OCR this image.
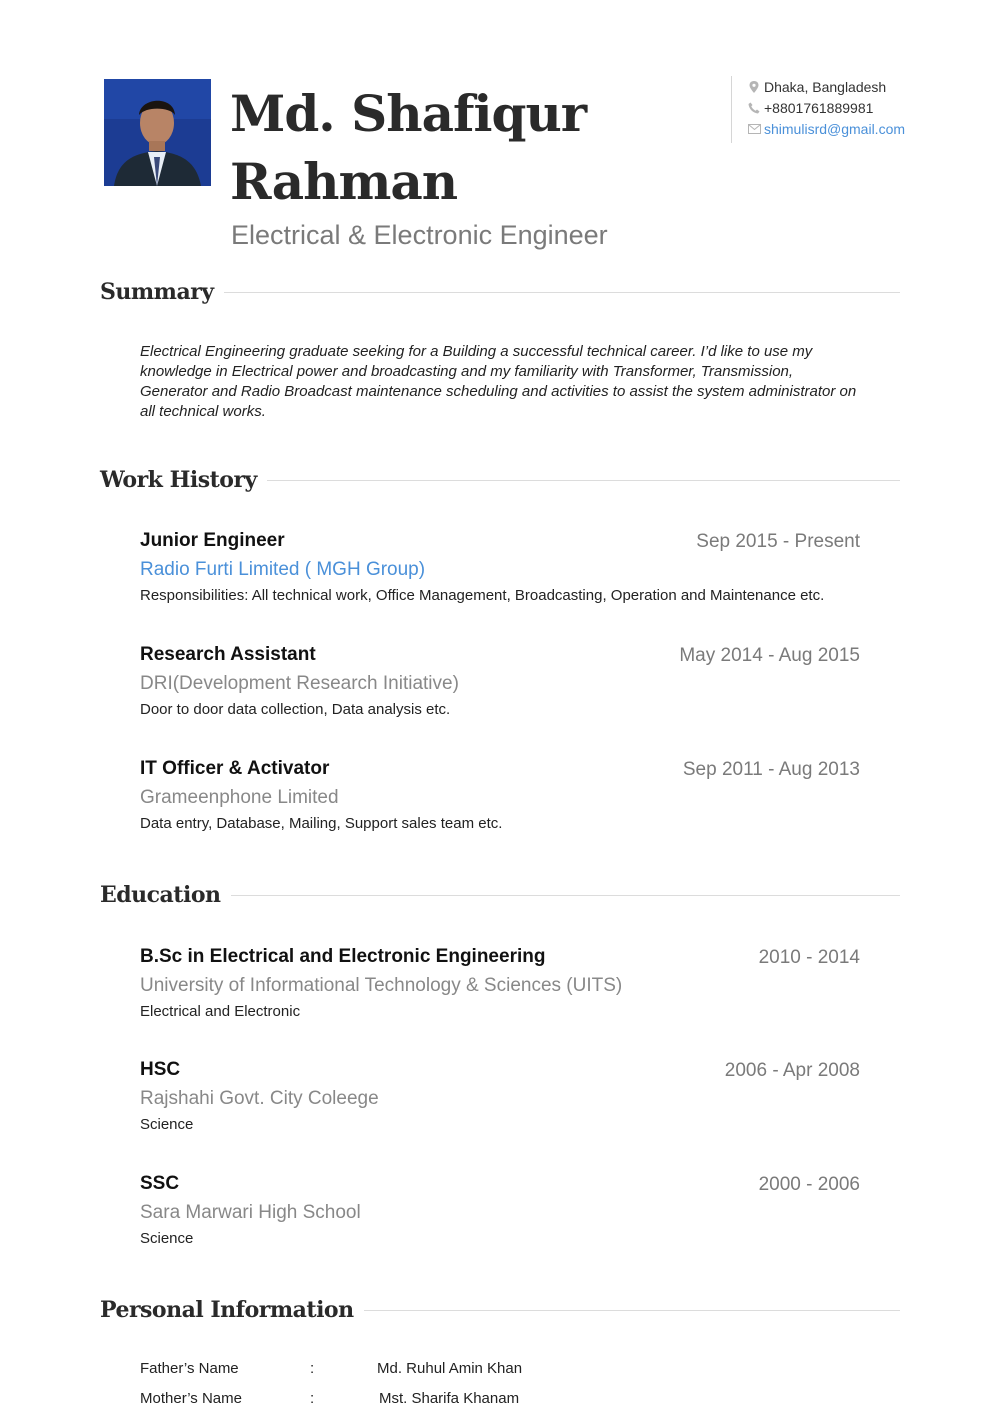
Md. Shafiqur
Rahman
Electrical & Electronic Engineer
Dhaka, Bangladesh
+8801761889981
shimulisrd@gmail.com
Summary
Electrical Engineering graduate seeking for a Building a successful technical career. I’d like to use my knowledge in Electrical power and broadcasting and my familiarity with Transformer, Transmission, Generator and Radio Broadcast maintenance scheduling and activities to assist the system administrator on all technical works.
Work History
Junior Engineer	Sep 2015 - Present
Radio Furti Limited ( MGH Group)
Responsibilities: All technical work, Office Management, Broadcasting, Operation and Maintenance etc.
Research Assistant	May 2014 - Aug 2015
DRI(Development Research Initiative)
Door to door data collection, Data analysis etc.
IT Officer & Activator	Sep 2011 - Aug 2013
Grameenphone Limited
Data entry, Database, Mailing, Support sales team etc.
Education
B.Sc in Electrical and Electronic Engineering	2010 - 2014
University of Informational Technology & Sciences (UITS)
Electrical and Electronic
HSC	2006 - Apr 2008
Rajshahi Govt. City Coleege
Science
SSC	2000 - 2006
Sara Marwari High School
Science
Personal Information
Father’s Name	:	Md. Ruhul Amin Khan
Mother’s Name	:	Mst. Sharifa Khanam
